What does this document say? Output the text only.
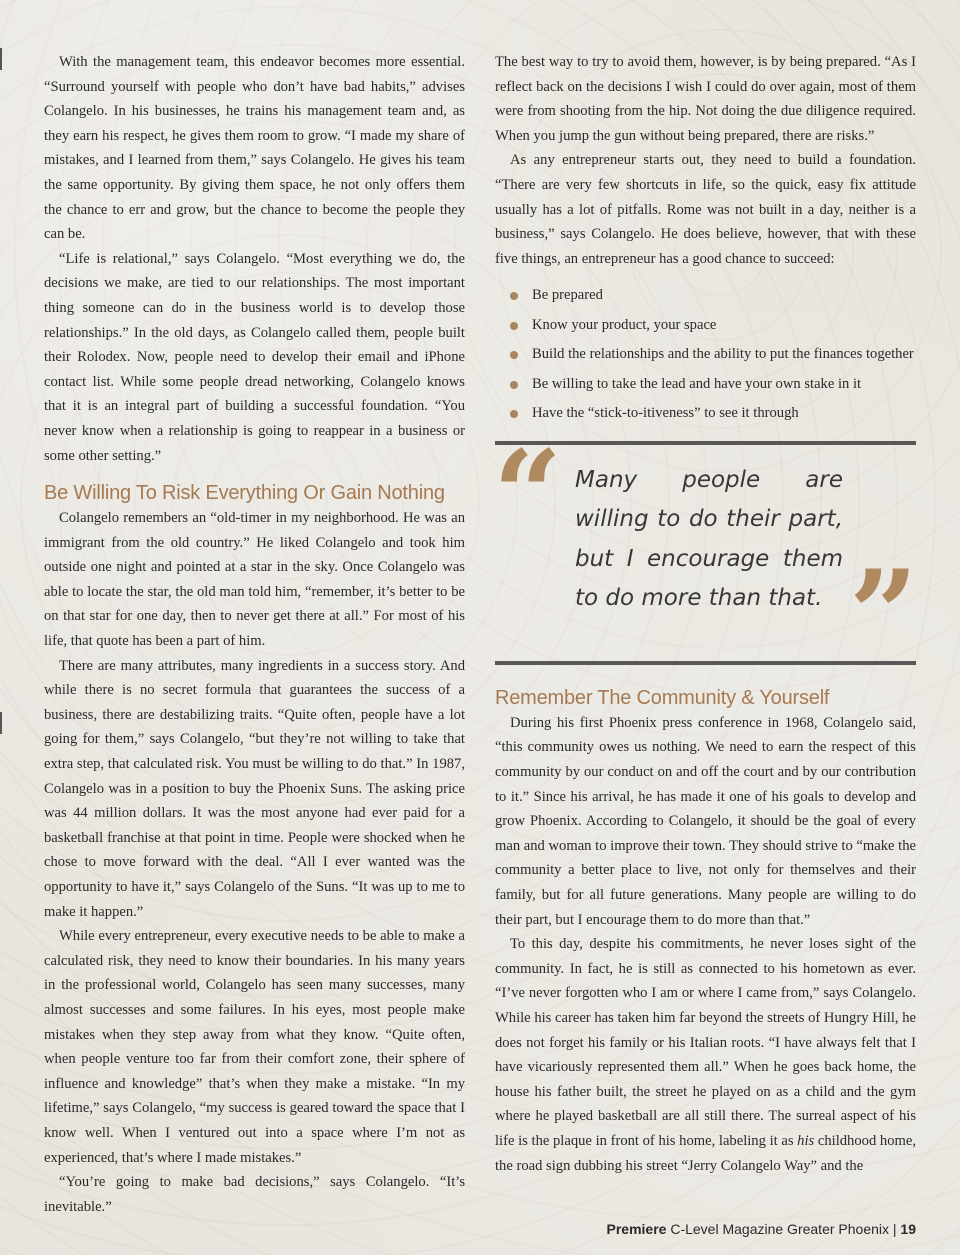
With the management team, this endeavor becomes more essential. “Surround yourself with people who don’t have bad habits,” advises Colangelo. In his businesses, he trains his management team and, as they earn his respect, he gives them room to grow. “I made my share of mistakes, and I learned from them,” says Colangelo. He gives his team the same opportunity. By giving them space, he not only offers them the chance to err and grow, but the chance to become the people they can be.

“Life is relational,” says Colangelo. “Most everything we do, the decisions we make, are tied to our relationships. The most important thing someone can do in the business world is to develop those relationships.” In the old days, as Colangelo called them, people built their Rolodex. Now, people need to develop their email and iPhone contact list. While some people dread networking, Colangelo knows that it is an integral part of building a successful foundation. “You never know when a relationship is going to reappear in a business or some other setting.”

Be Willing To Risk Everything Or Gain Nothing

Colangelo remembers an “old-timer in my neighborhood. He was an immigrant from the old country.” He liked Colangelo and took him outside one night and pointed at a star in the sky. Once Colangelo was able to locate the star, the old man told him, “remember, it’s better to be on that star for one day, then to never get there at all.” For most of his life, that quote has been a part of him.

There are many attributes, many ingredients in a success story. And while there is no secret formula that guarantees the success of a business, there are destabilizing traits. “Quite often, people have a lot going for them,” says Colangelo, “but they’re not willing to take that extra step, that calculated risk. You must be willing to do that.” In 1987, Colangelo was in a position to buy the Phoenix Suns. The asking price was 44 million dollars. It was the most anyone had ever paid for a basketball franchise at that point in time. People were shocked when he chose to move forward with the deal. “All I ever wanted was the opportunity to have it,” says Colangelo of the Suns. “It was up to me to make it happen.”

While every entrepreneur, every executive needs to be able to make a calculated risk, they need to know their boundaries. In his many years in the professional world, Colangelo has seen many successes, many almost successes and some failures. In his eyes, most people make mistakes when they step away from what they know. “Quite often, when people venture too far from their comfort zone, their sphere of influence and knowledge” that’s when they make a mistake. “In my lifetime,” says Colangelo, “my success is geared toward the space that I know well. When I ventured out into a space where I’m not as experienced, that’s where I made mistakes.”

“You’re going to make bad decisions,” says Colangelo. “It’s inevitable.”

The best way to try to avoid them, however, is by being prepared. “As I reflect back on the decisions I wish I could do over again, most of them were from shooting from the hip. Not doing the due diligence required. When you jump the gun without being prepared, there are risks.”

As any entrepreneur starts out, they need to build a foundation. “There are very few shortcuts in life, so the quick, easy fix attitude usually has a lot of pitfalls. Rome was not built in a day, neither is a business,” says Colangelo. He does believe, however, that with these five things, an entrepreneur has a good chance to succeed:

Be prepared
Know your product, your space
Build the relationships and the ability to put the finances together
Be willing to take the lead and have your own stake in it
Have the “stick-to-itiveness” to see it through
“ Many people are willing to do their part, but I encourage them to do more than that. ”
Remember The Community & Yourself

During his first Phoenix press conference in 1968, Colangelo said, “this community owes us nothing. We need to earn the respect of this community by our conduct on and off the court and by our contribution to it.” Since his arrival, he has made it one of his goals to develop and grow Phoenix. According to Colangelo, it should be the goal of every man and woman to improve their town. They should strive to “make the community a better place to live, not only for themselves and their family, but for all future generations. Many people are willing to do their part, but I encourage them to do more than that.”

To this day, despite his commitments, he never loses sight of the community. In fact, he is still as connected to his hometown as ever. “I’ve never forgotten who I am or where I came from,” says Colangelo. While his career has taken him far beyond the streets of Hungry Hill, he does not forget his family or his Italian roots. “I have always felt that I have vicariously represented them all.” When he goes back home, the house his father built, the street he played on as a child and the gym where he played basketball are all still there. The surreal aspect of his life is the plaque in front of his home, labeling it as his childhood home, the road sign dubbing his street “Jerry Colangelo Way” and the

Premiere C-Level Magazine Greater Phoenix | 19
